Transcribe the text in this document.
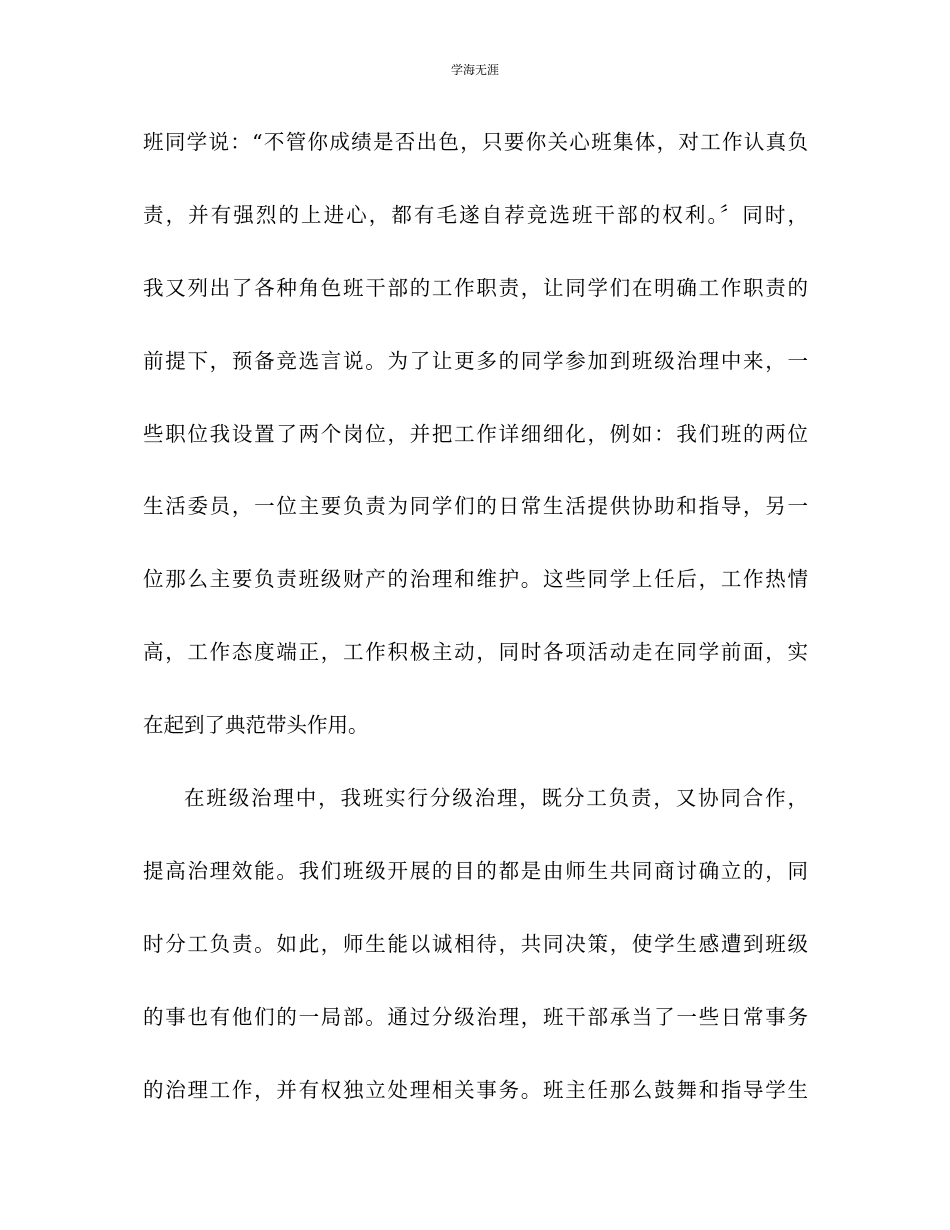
学海无涯
班同学说：“不管你成绩是否出色，只要你关心班集体，对工作认真负
责，并有强烈的上进心，都有毛遂自荐竞选班干部的权利。〞同时，
我又列出了各种角色班干部的工作职责，让同学们在明确工作职责的
前提下，预备竞选言说。为了让更多的同学参加到班级治理中来，一
些职位我设置了两个岗位，并把工作详细细化，例如：我们班的两位
生活委员，一位主要负责为同学们的日常生活提供协助和指导，另一
位那么主要负责班级财产的治理和维护。这些同学上任后，工作热情
高，工作态度端正，工作积极主动，同时各项活动走在同学前面，实
在起到了典范带头作用。
在班级治理中，我班实行分级治理，既分工负责，又协同合作，
提高治理效能。我们班级开展的目的都是由师生共同商讨确立的，同
时分工负责。如此，师生能以诚相待，共同决策，使学生感遭到班级
的事也有他们的一局部。通过分级治理，班干部承当了一些日常事务
的治理工作，并有权独立处理相关事务。班主任那么鼓舞和指导学生
